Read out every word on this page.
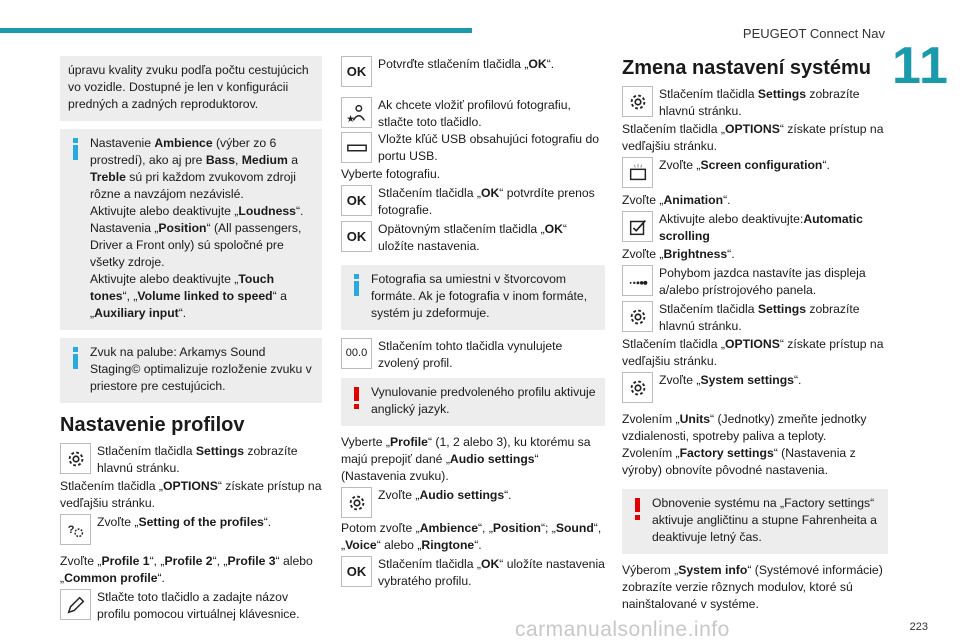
PEUGEOT Connect Nav
11

úpravu kvality zvuku podľa počtu cestujúcich vo vozidle. Dostupné je len v konfigurácii predných a zadných reproduktorov.

Nastavenie Ambience (výber zo 6 prostredí), ako aj pre Bass, Medium a Treble sú pri každom zvukovom zdroji rôzne a navzájom nezávislé.
Aktivujte alebo deaktivujte „Loudness“.
Nastavenia „Position“ (All passengers, Driver a Front only) sú spoločné pre všetky zdroje.
Aktivujte alebo deaktivujte „Touch tones“, „Volume linked to speed“ a „Auxiliary input“.

Zvuk na palube: Arkamys Sound Staging© optimalizuje rozloženie zvuku v priestore pre cestujúcich.

Nastavenie profilov
Stlačením tlačidla Settings zobrazíte hlavnú stránku.

Stlačením tlačidla „OPTIONS“ získate prístup na vedľajšiu stránku.

?
Zvoľte „Setting of the profiles“.

Zvoľte „Profile 1“, „Profile 2“, „Profile 3“ alebo „Common profile“.

Stlačte toto tlačidlo a zadajte názov profilu pomocou virtuálnej klávesnice.
OK Potvrďte stlačením tlačidla „OK“.
Ak chcete vložiť profilovú fotografiu, stlačte toto tlačidlo.
Vložte kľúč USB obsahujúci fotografiu do portu USB.

Vyberte fotografiu.

OK Stlačením tlačidla „OK“ potvrdíte prenos fotografie.
OK Opätovným stlačením tlačidla „OK“ uložíte nastavenia.

Fotografia sa umiestni v štvorcovom formáte. Ak je fotografia v inom formáte, systém ju zdeformuje.

00.0 Stlačením tohto tlačidla vynulujete zvolený profil.

Vynulovanie predvoleného profilu aktivuje anglický jazyk.

Vyberte „Profile“ (1, 2 alebo 3), ku ktorému sa majú prepojiť dané „Audio settings“ (Nastavenia zvuku).

Zvoľte „Audio settings“.

Potom zvoľte „Ambience“, „Position“; „Sound“, „Voice“ alebo „Ringtone“.

OK Stlačením tlačidla „OK“ uložíte nastavenia vybratého profilu.
Zmena nastavení systému
Stlačením tlačidla Settings zobrazíte hlavnú stránku.

Stlačením tlačidla „OPTIONS“ získate prístup na vedľajšiu stránku.

Zvoľte „Screen configuration“.

Zvoľte „Animation“.

Aktivujte alebo deaktivujte:Automatic scrolling

Zvoľte „Brightness“.

Pohybom jazdca nastavíte jas displeja a/alebo prístrojového panela.
Stlačením tlačidla Settings zobrazíte hlavnú stránku.

Stlačením tlačidla „OPTIONS“ získate prístup na vedľajšiu stránku.

Zvoľte „System settings“.

Zvolením „Units“ (Jednotky) zmeňte jednotky vzdialenosti, spotreby paliva a teploty.

Zvolením „Factory settings“ (Nastavenia z výroby) obnovíte pôvodné nastavenia.

Obnovenie systému na „Factory settings“ aktivuje angličtinu a stupne Fahrenheita a deaktivuje letný čas.

Výberom „System info“ (Systémové informácie) zobrazíte verzie rôznych modulov, ktoré sú nainštalované v systéme.

carmanualsonline.info	223
